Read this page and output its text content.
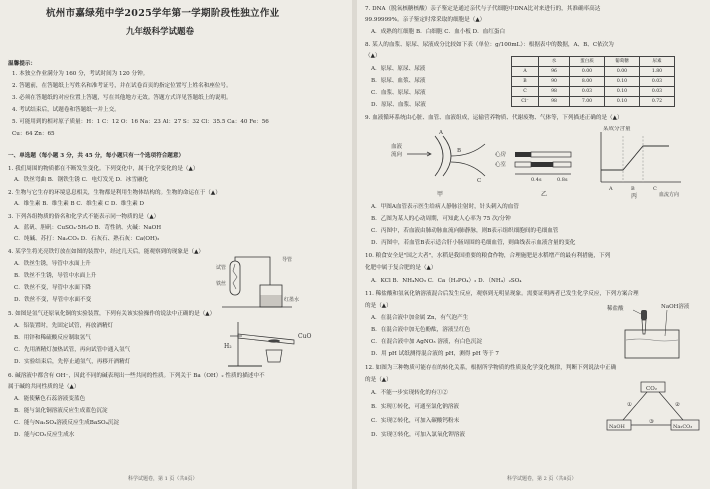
杭州市嘉绿苑中学2025学年第一学期阶段性独立作业
九年级科学试题卷
温馨提示：
1. 本独立作业满分为 160 分，考试时间为 120 分钟。
2. 答题前，在答题纸上写姓名和准考证号，并在试卷首页的指定位置写上姓名和座位号。
3. 必须在答题纸的对应位置上答题，写在其他地方无效。答题方式详见答题纸上的说明。
4. 考试结束后，试题卷和答题纸一并上交。
5. 可能用到的相对原子质量：H：1 C：12 O：16 Na：23 Al：27 S：32 Cl：35.5 Ca：40 Fe：56
Cu：64 Zn：65
一、单选题（每小题 3 分，共 45 分，每小题只有一个选项符合题意）
1. 我们周围的物质都在不断发生变化。下列变化中，属于化学变化的是（▲）
A．铁丝弯曲 B．钢铁生锈 C．电灯发光 D．冰雪融化
2. 生物与它生存的环境息息相关，生物都是利用生物体结构的。生物的命运在于（▲）
A．维生素 B．维生素 B C．维生素 C D．维生素 D
3. 下列各组物质的俗名和化学式不能表示同一物质的是（▲）
A．蓝矾、胆矾：CuSO₄·5H₂O B．苛性钠、火碱：NaOH
C．纯碱、苏打：Na₂CO₃ D．石灰石、熟石灰：Ca(OH)₂
4. 某学生将光亮铁钉放在如图的装置中，经过几天后，能观察到的现象是（▲）
A．铁丝生锈，导管中水面上升
B．铁丝不生锈，导管中水面上升
C．铁丝不变，导管中水面下降
D．铁丝不变，导管中水面不变
导管
试管
铁丝
红墨水
5. 如图是氢气还原氧化铜的实验装置，下列有关该实验操作的说法中正确的是（▲）
A．铝装置时，先固定试管，再放酒精灯
B．用锌和稀硫酸反应制取氢气
C．先用酒精灯加热试管，再向试管中通入氢气
D．实验结束后，先停止通氢气，再移开酒精灯
H₂
CuO
6. 碱溶液中都含有 OH⁻，因此不同的碱表现出一些共同的性质。下列关于 Ba（OH）₂ 性质的描述中不
属于碱的共同性质的是（▲）
A．能使紫色石蕊溶液变蓝色
B．能与氯化铜溶液反应生成蓝色沉淀
C．能与Na₂SO₄溶液反应生成BaSO₄沉淀
D．能与CO₂反应生成水
科学试题卷，第 1 页（共8页）
7. DNA（脱氧核糖核酸）亲子鉴定是通过亲代与子代细胞中DNA比对来进行的，其准确率高达
99.99999%。亲子鉴定时常采取的细胞是（▲）
A．成熟的红细胞 B．白细胞 C．血小板 D．血红蛋白
8. 某人的血浆、原尿、尿液成分比较如下表（单位：g/100mL）：根据表中的数据，A、B、C依次为
（▲）
A．原尿、原尿、尿液
B．原尿、血浆、尿液
C．血浆、原尿、尿液
D．原尿、血浆、尿液
	水	蛋白质	葡萄糖	尿素
A	96	0.00	0.00	1.80
B	90	8.00	0.10	0.03
C	98	0.03	0.10	0.03
Cl⁻	98	7.00	0.10	0.72
9. 血液循环系统由心脏、血管、血液组成，运输营养物质、代谢废物、气体等，下列描述正确的是（▲）
血液
流向
A
B
C
甲
心房
心室
0.4s	0.8s
乙
某成分含量
A	B	C
血流方向
丙
A．甲图A血管表示医生给病人静脉注射时，针头刺入的血管
B．乙图为某人的心动周期，可知此人心率为 75 次/分钟
C．丙图中，若血液由肺动脉血流向肺静脉，则B表示组织细胞间的毛细血管
D．丙图中，若血管B表示适合肝小肠周围的毛细血管，则曲线表示血液含量的变化
10. 粮食安全是"国之大者"，水稻是我国重要的粮食作物，合理施肥是水稻增产的最有利措施，下列
化肥中属于复合肥的是（▲）
A．KCl B．NH₄NO₃ C．Ca（H₂PO₄）₂ D．（NH₄）₂SO₄
11. 稀盐酸和氢氧化钠溶液混合后发生反应，观察到无明显现象。需要证明两者已发生化学反应，下列方案合理
的是（▲）
A．在混合液中加金属 Zn，有气泡产生
B．在混合液中加无色酚酞，溶液呈红色
C．在混合液中加 AgNO₃ 溶液，有白色沉淀
D．用 pH 试纸测得混合液的 pH，测得 pH 等于 7
稀盐酸	NaOH溶液
12. 如图为三种物质可能存在的转化关系，根据所学物质的性质及化学变化规律，判断下列说法中正确
的是（▲）
A．不能一步实现转化的有①②
B．实现①转化，可通至氯化钠溶液
C．实现②转化，可加入碳酸钙粉末
D．实现③转化，可加入氯氧化钾溶液
CO₂
NaOH	Na₂CO₃
①	②
③
科学试题卷，第 2 页（共8页）
